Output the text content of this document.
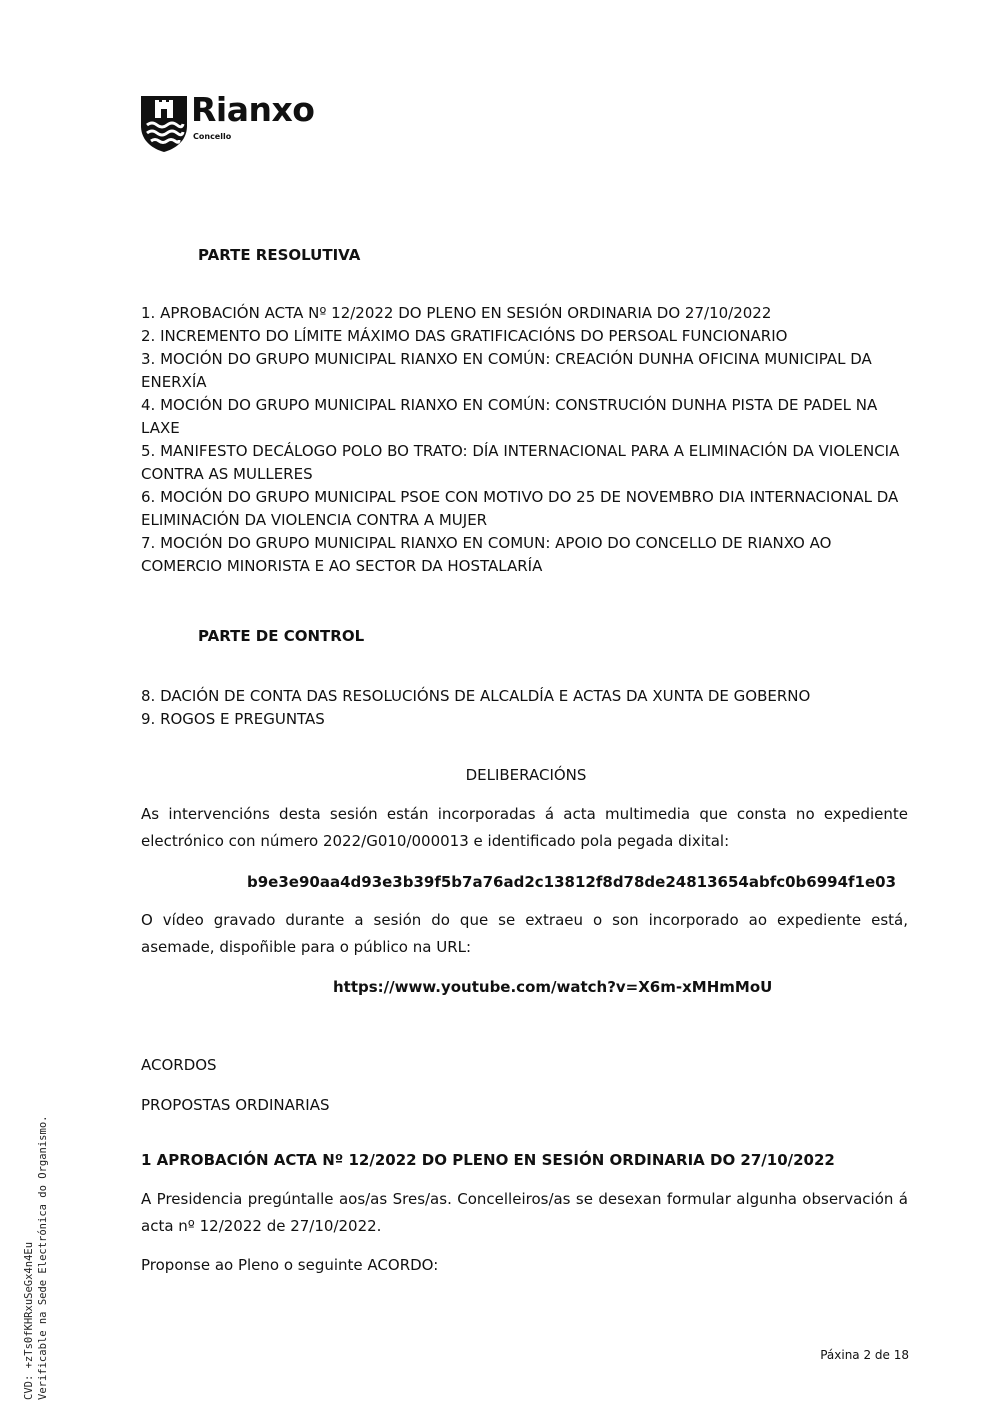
Rianxo
Concello
PARTE RESOLUTIVA
1. APROBACIÓN ACTA Nº 12/2022 DO PLENO EN SESIÓN ORDINARIA DO 27/10/2022
2. INCREMENTO DO LÍMITE MÁXIMO DAS GRATIFICACIÓNS DO PERSOAL FUNCIONARIO
3. MOCIÓN DO GRUPO MUNICIPAL RIANXO EN COMÚN: CREACIÓN DUNHA OFICINA MUNICIPAL DA ENERXÍA
4. MOCIÓN DO GRUPO MUNICIPAL RIANXO EN COMÚN: CONSTRUCIÓN DUNHA PISTA DE PADEL NA LAXE
5. MANIFESTO DECÁLOGO POLO BO TRATO: DÍA INTERNACIONAL PARA A ELIMINACIÓN DA VIOLENCIA CONTRA AS MULLERES
6. MOCIÓN DO GRUPO MUNICIPAL PSOE CON MOTIVO DO 25 DE NOVEMBRO DIA INTERNACIONAL DA ELIMINACIÓN DA VIOLENCIA CONTRA A MUJER
7. MOCIÓN DO GRUPO MUNICIPAL RIANXO EN COMUN: APOIO DO CONCELLO DE RIANXO AO COMERCIO MINORISTA E AO SECTOR DA HOSTALARÍA
PARTE DE CONTROL
8. DACIÓN DE CONTA DAS RESOLUCIÓNS DE ALCALDÍA E ACTAS DA XUNTA DE GOBERNO
9. ROGOS E PREGUNTAS
DELIBERACIÓNS
As intervencións desta sesión están incorporadas á acta multimedia que consta no expediente electrónico con número 2022/G010/000013 e identificado pola pegada dixital:
b9e3e90aa4d93e3b39f5b7a76ad2c13812f8d78de24813654abfc0b6994f1e03
O vídeo gravado durante a sesión do que se extraeu o son incorporado ao expediente está, asemade, dispoñible para o público na URL:
https://www.youtube.com/watch?v=X6m-xMHmMoU
ACORDOS
PROPOSTAS ORDINARIAS
1 APROBACIÓN ACTA Nº 12/2022 DO PLENO EN SESIÓN ORDINARIA DO 27/10/2022
A Presidencia pregúntalle aos/as Sres/as. Concelleiros/as se desexan formular algunha observación á acta nº 12/2022 de 27/10/2022.
Proponse ao Pleno o seguinte ACORDO:
CVD: +zTs0fKHRxuSeGx4n4Eu Verificable na Sede Electrónica do Organismo.	Páxina 2 de 18
